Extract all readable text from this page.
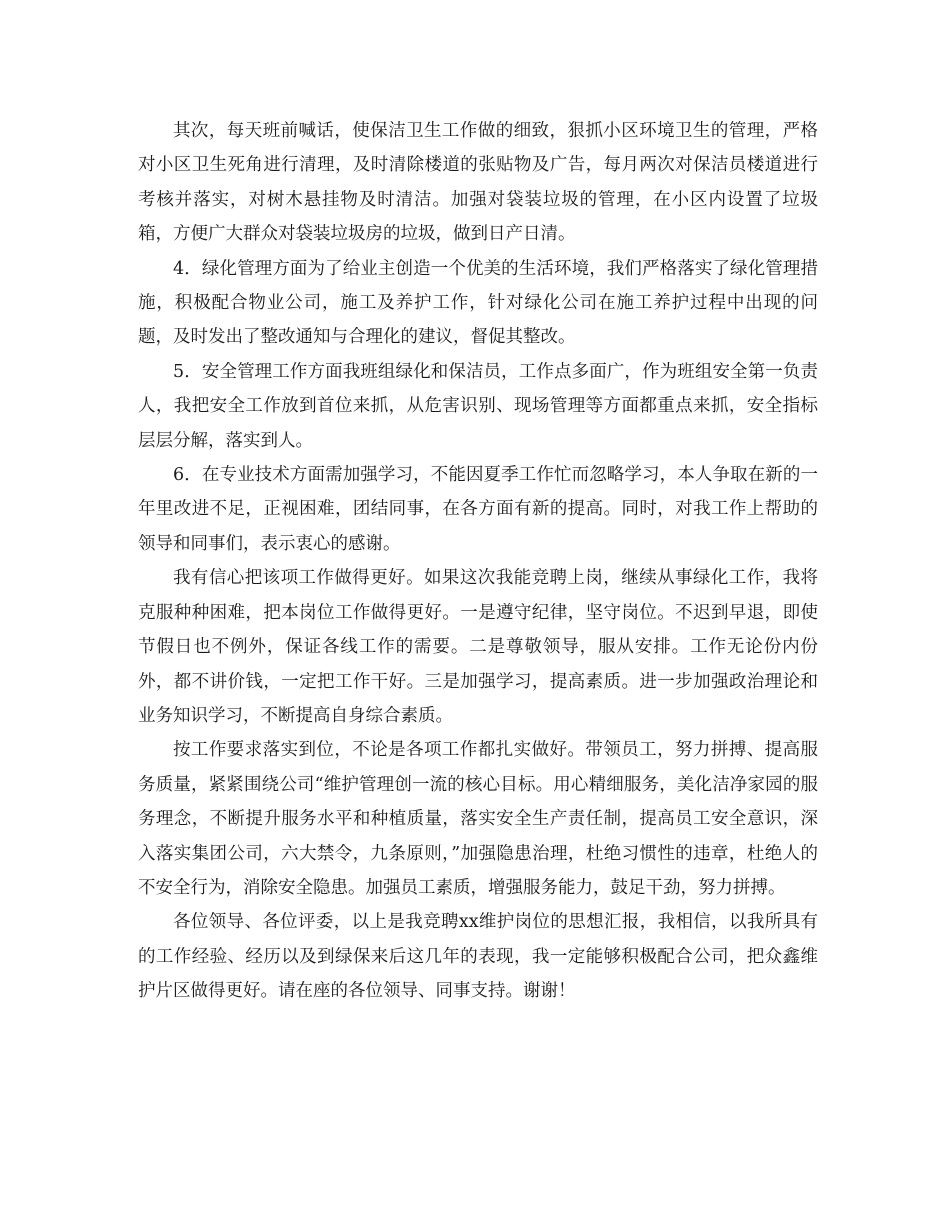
其次，每天班前喊话，使保洁卫生工作做的细致，狠抓小区环境卫生的管理，严格对小区卫生死角进行清理，及时清除楼道的张贴物及广告，每月两次对保洁员楼道进行考核并落实，对树木悬挂物及时清洁。加强对袋装垃圾的管理，在小区内设置了垃圾箱，方便广大群众对袋装垃圾房的垃圾，做到日产日清。

4．绿化管理方面为了给业主创造一个优美的生活环境，我们严格落实了绿化管理措施，积极配合物业公司，施工及养护工作，针对绿化公司在施工养护过程中出现的问题，及时发出了整改通知与合理化的建议，督促其整改。

5．安全管理工作方面我班组绿化和保洁员，工作点多面广，作为班组安全第一负责人，我把安全工作放到首位来抓，从危害识别、现场管理等方面都重点来抓，安全指标层层分解，落实到人。

6．在专业技术方面需加强学习，不能因夏季工作忙而忽略学习，本人争取在新的一年里改进不足，正视困难，团结同事，在各方面有新的提高。同时，对我工作上帮助的领导和同事们，表示衷心的感谢。

我有信心把该项工作做得更好。如果这次我能竞聘上岗，继续从事绿化工作，我将克服种种困难，把本岗位工作做得更好。一是遵守纪律，坚守岗位。不迟到早退，即使节假日也不例外，保证各线工作的需要。二是尊敬领导，服从安排。工作无论份内份外，都不讲价钱，一定把工作干好。三是加强学习，提高素质。进一步加强政治理论和业务知识学习，不断提高自身综合素质。

按工作要求落实到位，不论是各项工作都扎实做好。带领员工，努力拼搏、提高服务质量，紧紧围绕公司“维护管理创一流的核心目标。用心精细服务，美化洁净家园的服务理念，不断提升服务水平和种植质量，落实安全生产责任制，提高员工安全意识，深入落实集团公司，六大禁令，九条原则，”加强隐患治理，杜绝习惯性的违章，杜绝人的不安全行为，消除安全隐患。加强员工素质，增强服务能力，鼓足干劲，努力拼搏。

各位领导、各位评委，以上是我竞聘xx维护岗位的思想汇报，我相信，以我所具有的工作经验、经历以及到绿保来后这几年的表现，我一定能够积极配合公司，把众鑫维护片区做得更好。请在座的各位领导、同事支持。谢谢！
